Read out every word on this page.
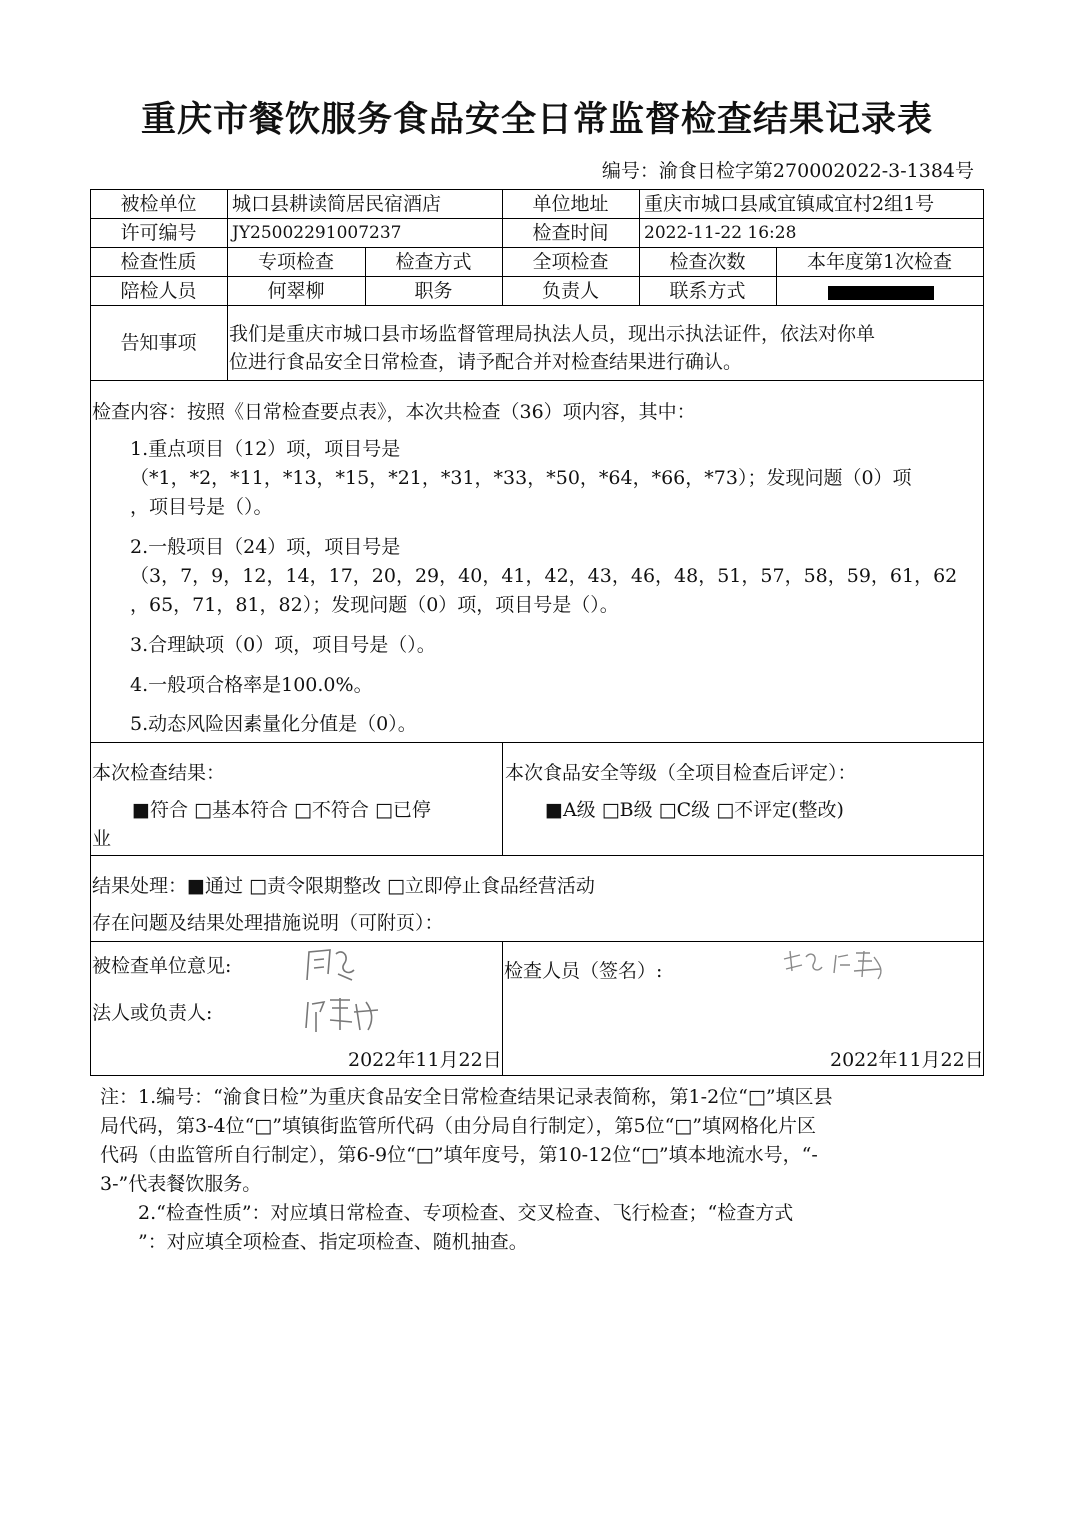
重庆市餐饮服务食品安全日常监督检查结果记录表
编号：渝食日检字第270002022-3-1384号
被检单位	城口县耕读简居民宿酒店	单位地址	重庆市城口县咸宜镇咸宜村2组1号
许可编号	JY25002291007237	检查时间	2022-11-22 16:28
检查性质	专项检查	检查方式	全项检查	检查次数	本年度第1次检查
陪检人员	何翠柳	职务	负责人	联系方式
告知事项	我们是重庆市城口县市场监督管理局执法人员，现出示执法证件，依法对你单
位进行食品安全日常检查，请予配合并对检查结果进行确认。
检查内容：按照《日常检查要点表》，本次共检查（36）项内容，其中：
1.重点项目（12）项，项目号是
（*1，*2，*11，*13，*15，*21，*31，*33，*50，*64，*66，*73）；发现问题（0）项
，项目号是（）。
2.一般项目（24）项，项目号是
（3，7，9，12，14，17，20，29，40，41，42，43，46，48，51，57，58，59，61，62
，65，71，81，82）；发现问题（0）项，项目号是（）。
3.合理缺项（0）项，项目号是（）。
4.一般项合格率是100.0%。
5.动态风险因素量化分值是（0）。
本次检查结果：
■符合 □基本符合 □不符合 □已停
业
本次食品安全等级（全项目检查后评定）：
■A级 □B级 □C级 □不评定(整改)
结果处理：■通过 □责令限期整改 □立即停止食品经营活动
存在问题及结果处理措施说明（可附页）：
被检查单位意见:
法人或负责人:
2022年11月22日
检查人员（签名）:
2022年11月22日
注：1.编号：“渝食日检”为重庆食品安全日常检查结果记录表简称，第1-2位“□”填区县
局代码，第3-4位“□”填镇街监管所代码（由分局自行制定），第5位“□”填网格化片区
代码（由监管所自行制定），第6-9位“□”填年度号，第10-12位“□”填本地流水号，“-
3-”代表餐饮服务。
2.“检查性质”：对应填日常检查、专项检查、交叉检查、飞行检查；“检查方式
”：对应填全项检查、指定项检查、随机抽查。
